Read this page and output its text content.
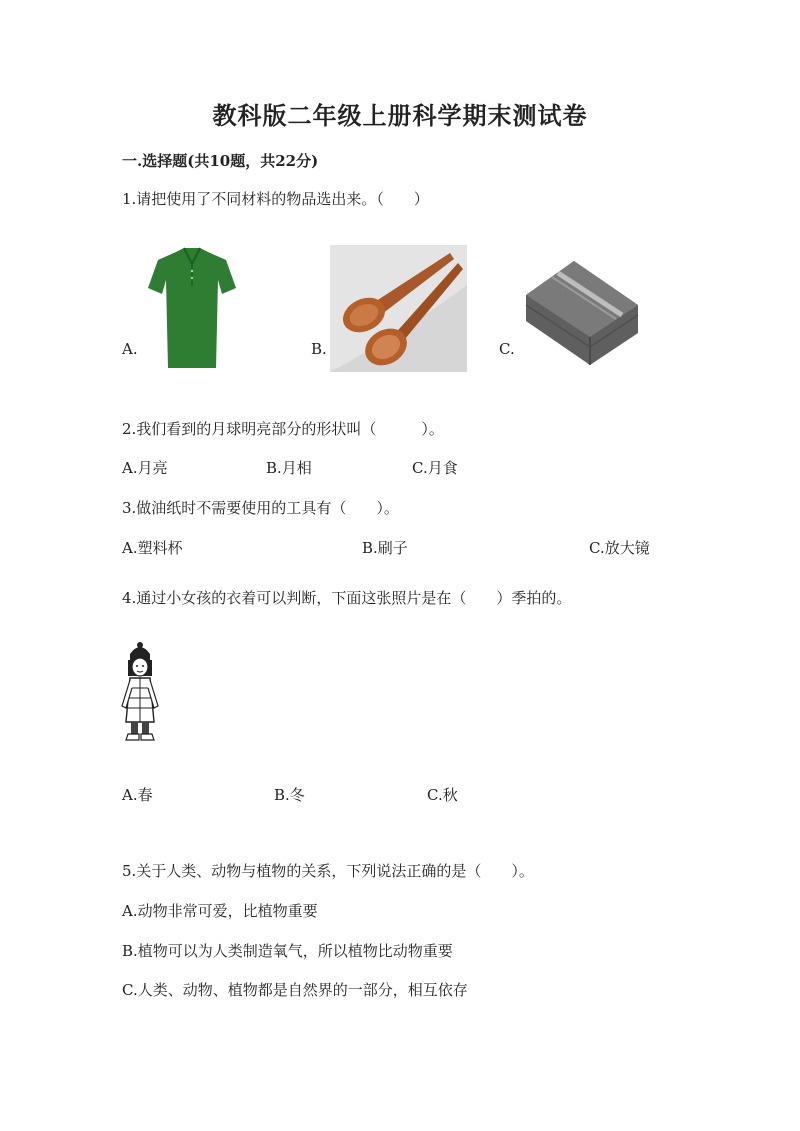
教科版二年级上册科学期末测试卷
一.选择题(共10题，共22分)
1.请把使用了不同材料的物品选出来。（　　）
A.	B.	C.
2.我们看到的月球明亮部分的形状叫（　　　）。
A.月亮	B.月相	C.月食
3.做油纸时不需要使用的工具有（　　）。
A.塑料杯	B.刷子	C.放大镜
4.通过小女孩的衣着可以判断，下面这张照片是在（　　）季拍的。
A.春	B.冬	C.秋
5.关于人类、动物与植物的关系，下列说法正确的是（　　）。
A.动物非常可爱，比植物重要
B.植物可以为人类制造氧气，所以植物比动物重要
C.人类、动物、植物都是自然界的一部分，相互依存
